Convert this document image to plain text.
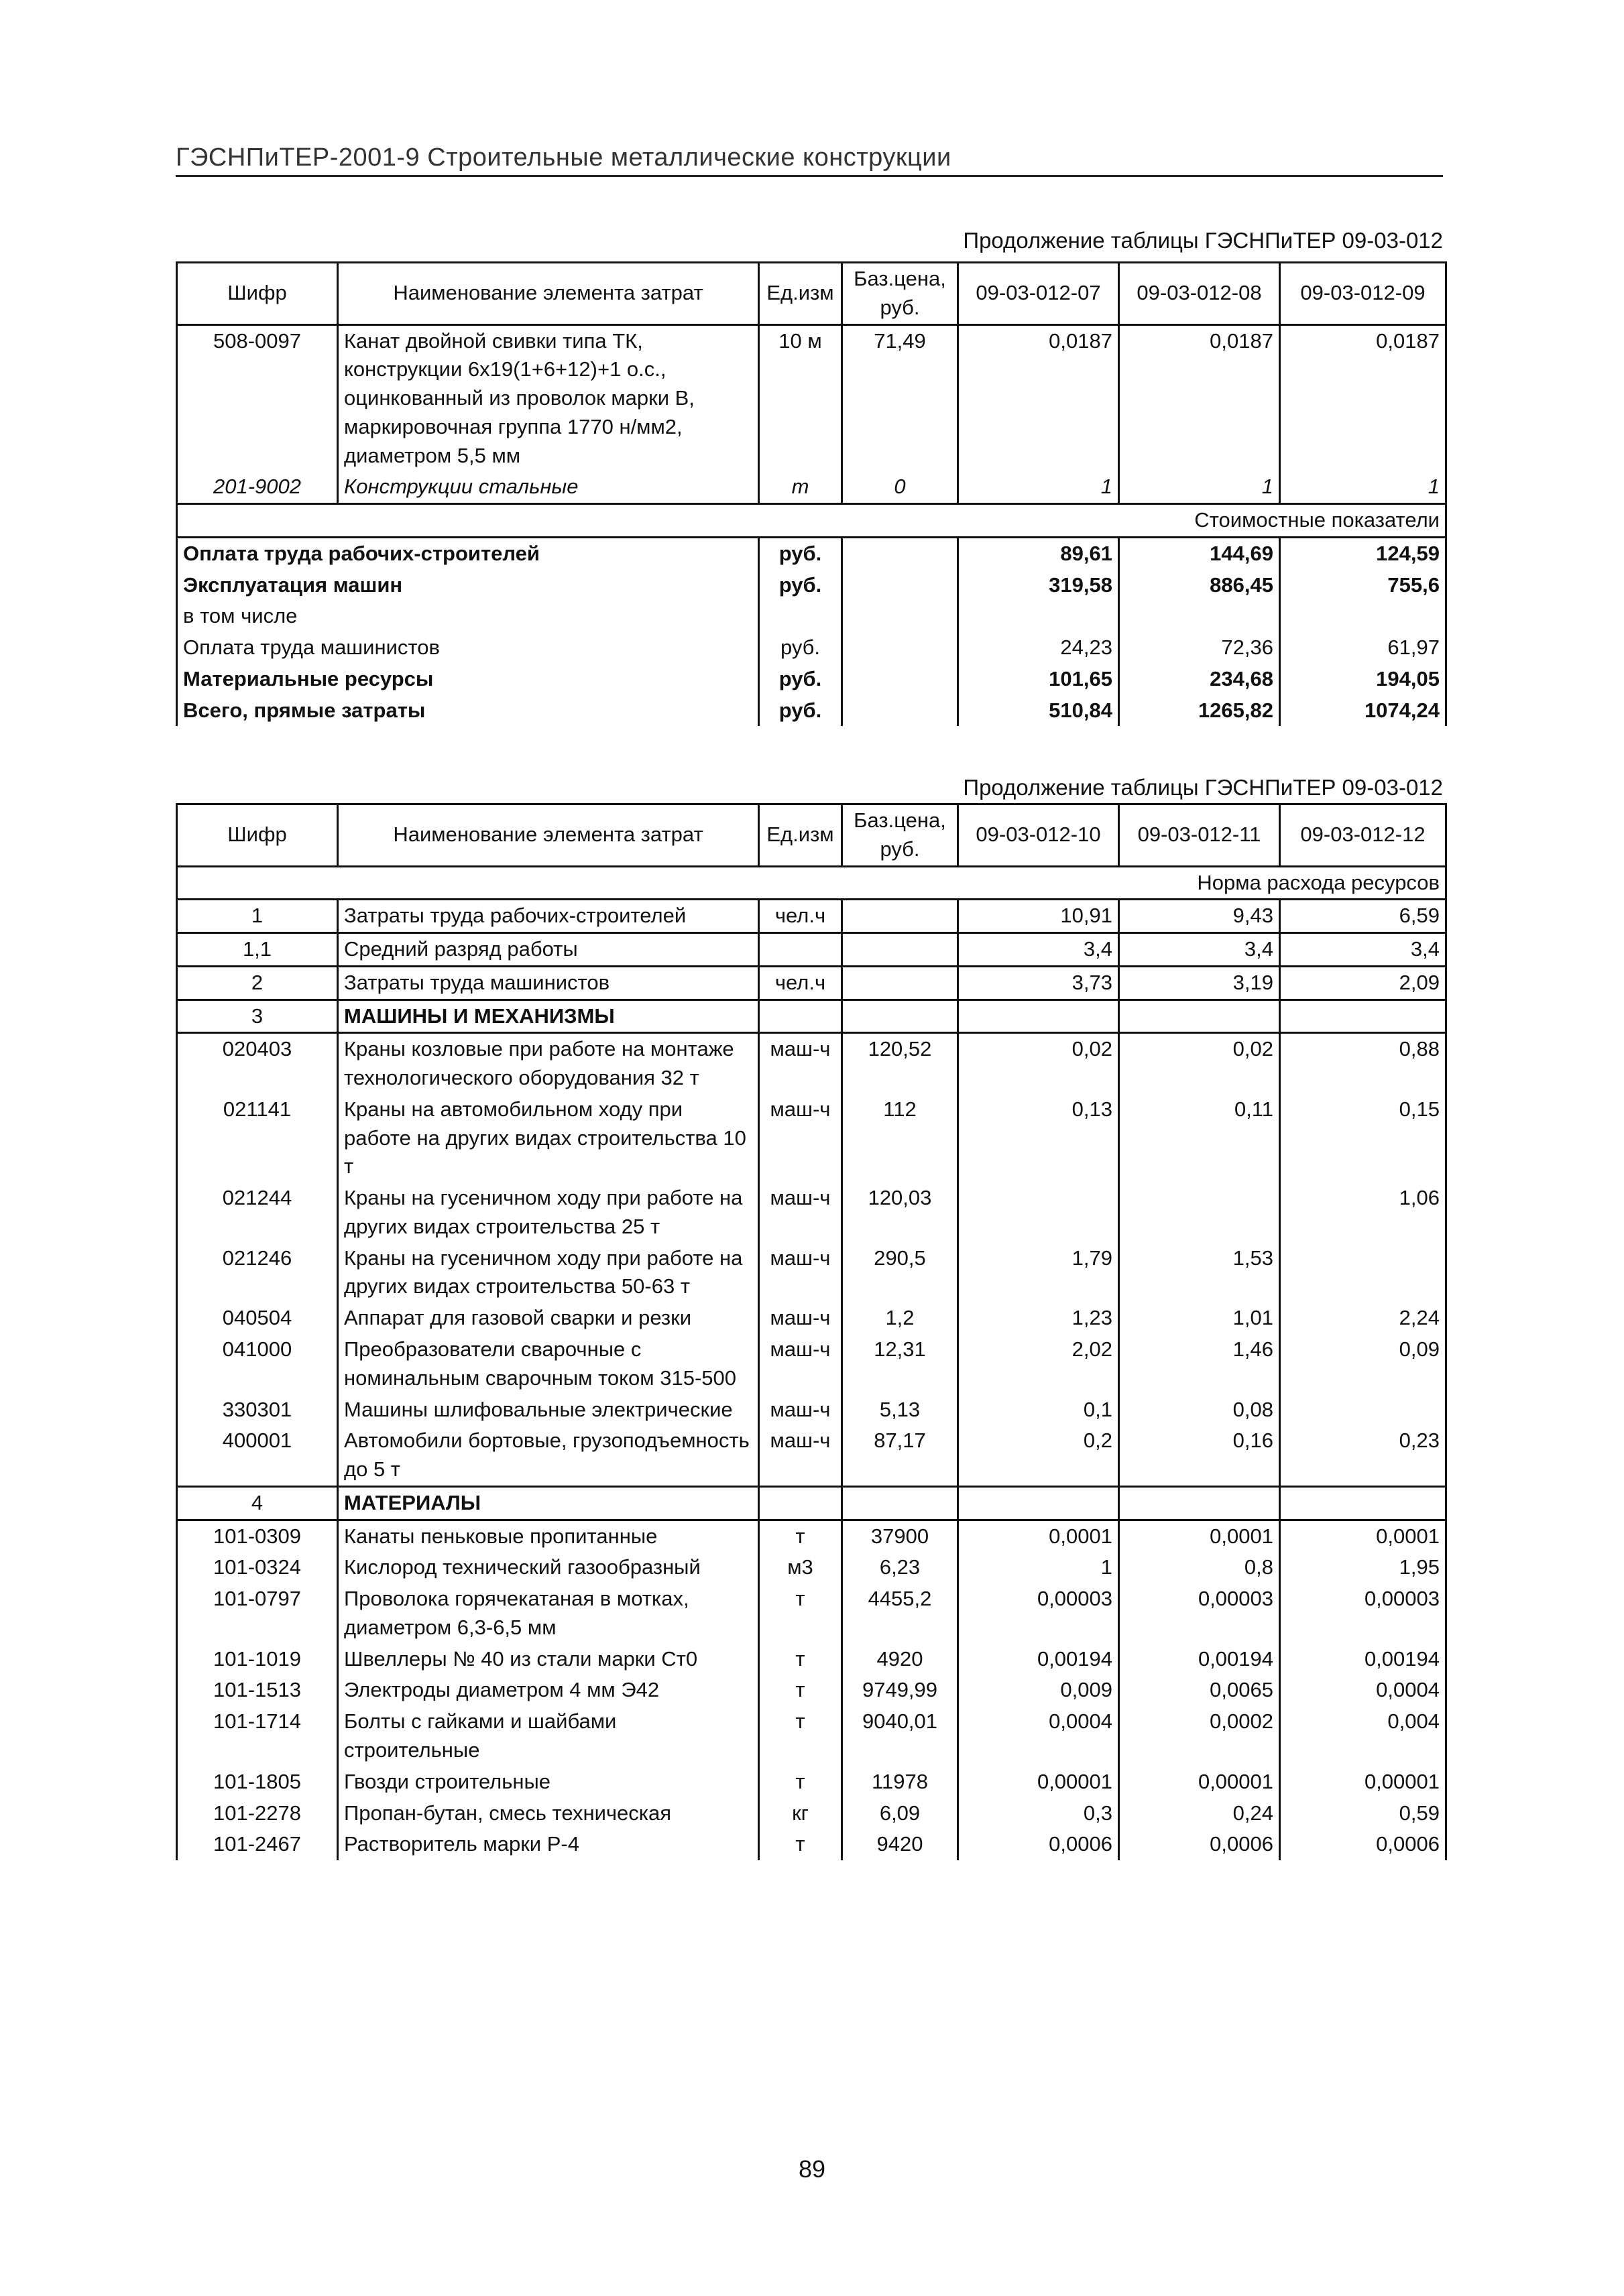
ГЭСНПиТЕР-2001-9 Строительные металлические конструкции
Продолжение таблицы ГЭСНПиТЕР 09-03-012
Шифр	Наименование элемента затрат	Ед.изм	Баз.цена, руб.	09-03-012-07	09-03-012-08	09-03-012-09
508-0097	Канат двойной свивки типа ТК, конструкции 6х19(1+6+12)+1 о.с., оцинкованный из проволок марки В, маркировочная группа 1770 н/мм2, диаметром 5,5 мм	10 м	71,49	0,0187	0,0187	0,0187
201-9002	Конструкции стальные	т	0	1	1	1
Стоимостные показатели						
Оплата труда рабочих-строителей		руб.		89,61	144,69	124,59
Эксплуатация машин		руб.		319,58	886,45	755,6
в том числе						
Оплата труда машинистов		руб.		24,23	72,36	61,97
Материальные ресурсы		руб.		101,65	234,68	194,05
Всего, прямые затраты		руб.		510,84	1265,82	1074,24
Продолжение таблицы ГЭСНПиТЕР 09-03-012
Шифр	Наименование элемента затрат	Ед.изм	Баз.цена, руб.	09-03-012-10	09-03-012-11	09-03-012-12
Норма расхода ресурсов						
1	Затраты труда рабочих-строителей	чел.ч		10,91	9,43	6,59
1,1	Средний разряд работы			3,4	3,4	3,4
2	Затраты труда машинистов	чел.ч		3,73	3,19	2,09
3	МАШИНЫ И МЕХАНИЗМЫ					
020403	Краны козловые при работе на монтаже технологического оборудования 32 т	маш-ч	120,52	0,02	0,02	0,88
021141	Краны на автомобильном ходу при работе на других видах строительства 10 т	маш-ч	112	0,13	0,11	0,15
021244	Краны на гусеничном ходу при работе на других видах строительства 25 т	маш-ч	120,03			1,06
021246	Краны на гусеничном ходу при работе на других видах строительства 50-63 т	маш-ч	290,5	1,79	1,53	
040504	Аппарат для газовой сварки и резки	маш-ч	1,2	1,23	1,01	2,24
041000	Преобразователи сварочные с номинальным сварочным током 315-500	маш-ч	12,31	2,02	1,46	0,09
330301	Машины шлифовальные электрические	маш-ч	5,13	0,1	0,08	
400001	Автомобили бортовые, грузоподъемность до 5 т	маш-ч	87,17	0,2	0,16	0,23
4	МАТЕРИАЛЫ					
101-0309	Канаты пеньковые пропитанные	т	37900	0,0001	0,0001	0,0001
101-0324	Кислород технический газообразный	м3	6,23	1	0,8	1,95
101-0797	Проволока горячекатаная в мотках, диаметром 6,3-6,5 мм	т	4455,2	0,00003	0,00003	0,00003
101-1019	Швеллеры № 40 из стали марки Ст0	т	4920	0,00194	0,00194	0,00194
101-1513	Электроды диаметром 4 мм Э42	т	9749,99	0,009	0,0065	0,0004
101-1714	Болты с гайками и шайбами строительные	т	9040,01	0,0004	0,0002	0,004
101-1805	Гвозди строительные	т	11978	0,00001	0,00001	0,00001
101-2278	Пропан-бутан, смесь техническая	кг	6,09	0,3	0,24	0,59
101-2467	Растворитель марки Р-4	т	9420	0,0006	0,0006	0,0006
89
